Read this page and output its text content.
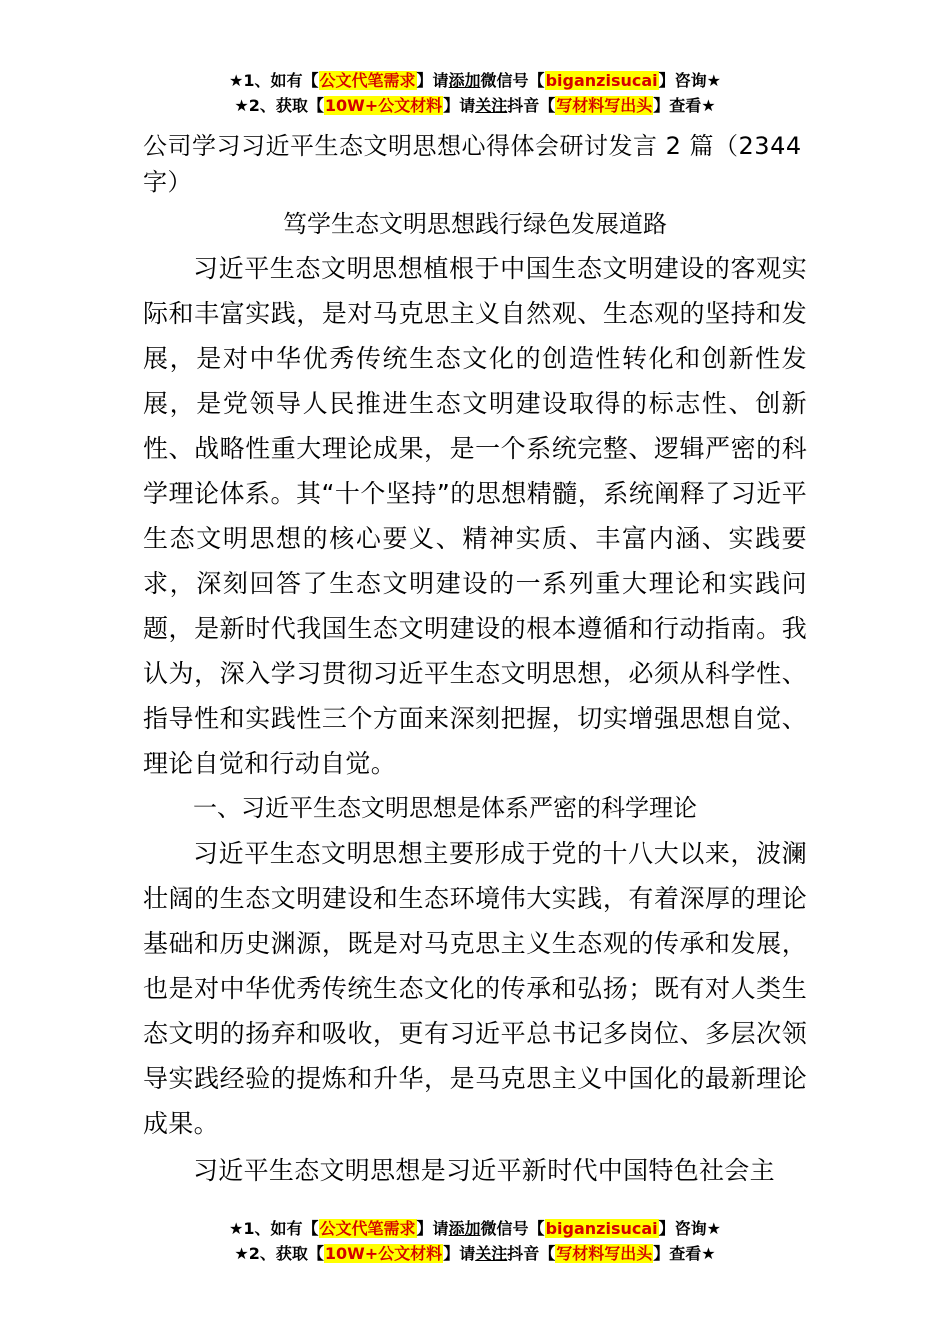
★1、如有【公文代笔需求】请添加微信号【biganzisucai】咨询★
★2、获取【10W+公文材料】请关注抖音【写材料写出头】查看★
公司学习习近平生态文明思想心得体会研讨发言 2 篇（2344 字）
笃学生态文明思想践行绿色发展道路

习近平生态文明思想植根于中国生态文明建设的客观实际和丰富实践，是对马克思主义自然观、生态观的坚持和发展，是对中华优秀传统生态文化的创造性转化和创新性发展，是党领导人民推进生态文明建设取得的标志性、创新性、战略性重大理论成果，是一个系统完整、逻辑严密的科学理论体系。其“十个坚持”的思想精髓，系统阐释了习近平生态文明思想的核心要义、精神实质、丰富内涵、实践要求，深刻回答了生态文明建设的一系列重大理论和实践问题，是新时代我国生态文明建设的根本遵循和行动指南。我认为，深入学习贯彻习近平生态文明思想，必须从科学性、指导性和实践性三个方面来深刻把握，切实增强思想自觉、理论自觉和行动自觉。

一、习近平生态文明思想是体系严密的科学理论

习近平生态文明思想主要形成于党的十八大以来，波澜壮阔的生态文明建设和生态环境伟大实践，有着深厚的理论基础和历史渊源，既是对马克思主义生态观的传承和发展，也是对中华优秀传统生态文化的传承和弘扬；既有对人类生态文明的扬弃和吸收，更有习近平总书记多岗位、多层次领导实践经验的提炼和升华，是马克思主义中国化的最新理论成果。

习近平生态文明思想是习近平新时代中国特色社会主

★1、如有【公文代笔需求】请添加微信号【biganzisucai】咨询★
★2、获取【10W+公文材料】请关注抖音【写材料写出头】查看★
